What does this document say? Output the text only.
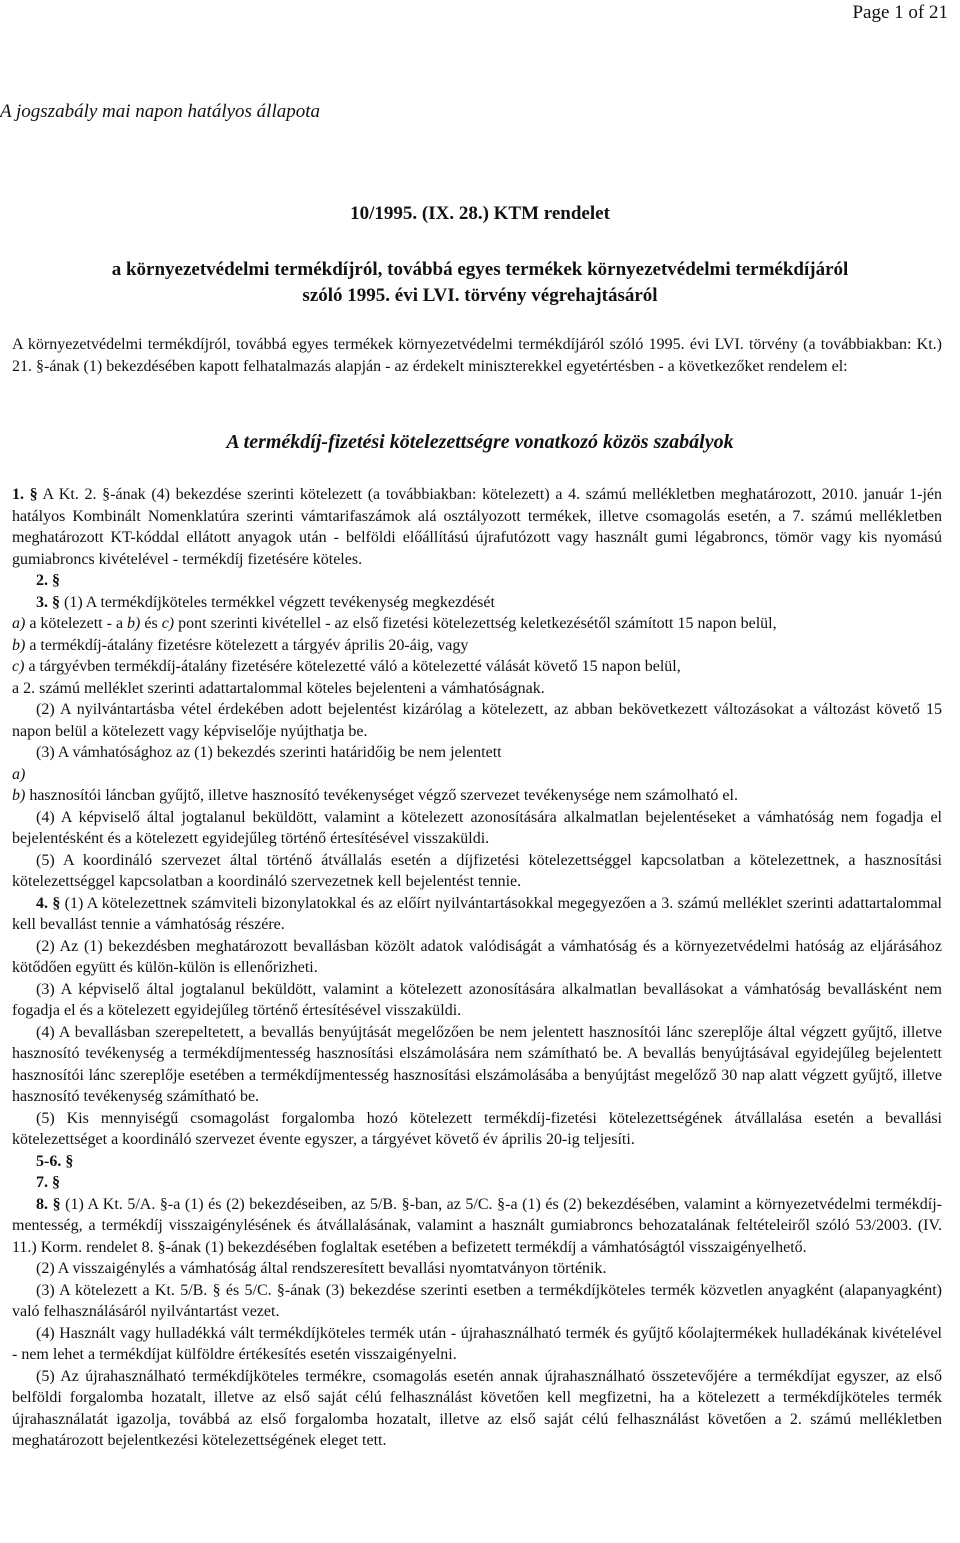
Page 1 of 21
A jogszabály mai napon hatályos állapota
10/1995. (IX. 28.) KTM rendelet
a környezetvédelmi termékdíjról, továbbá egyes termékek környezetvédelmi termékdíjáról
szóló 1995. évi LVI. törvény végrehajtásáról
A környezetvédelmi termékdíjról, továbbá egyes termékek környezetvédelmi termékdíjáról szóló 1995. évi LVI. törvény (a továbbiakban: Kt.) 21. §-ának (1) bekezdésében kapott felhatalmazás alapján - az érdekelt miniszterekkel egyetértésben - a következőket rendelem el:
A termékdíj-fizetési kötelezettségre vonatkozó közös szabályok

1. § A Kt. 2. §-ának (4) bekezdése szerinti kötelezett (a továbbiakban: kötelezett) a 4. számú mellékletben meghatározott, 2010. január 1-jén hatályos Kombinált Nomenklatúra szerinti vámtarifaszámok alá osztályozott termékek, illetve csomagolás esetén, a 7. számú mellékletben meghatározott KT-kóddal ellátott anyagok után - belföldi előállítású újrafutózott vagy használt gumi légabroncs, tömör vagy kis nyomású gumiabroncs kivételével - termékdíj fizetésére köteles.

2. §

3. § (1) A termékdíjköteles termékkel végzett tevékenység megkezdését

a) a kötelezett - a b) és c) pont szerinti kivétellel - az első fizetési kötelezettség keletkezésétől számított 15 napon belül,

b) a termékdíj-átalány fizetésre kötelezett a tárgyév április 20-áig, vagy

c) a tárgyévben termékdíj-átalány fizetésére kötelezetté váló a kötelezetté válását követő 15 napon belül,

a 2. számú melléklet szerinti adattartalommal köteles bejelenteni a vámhatóságnak.

(2) A nyilvántartásba vétel érdekében adott bejelentést kizárólag a kötelezett, az abban bekövetkezett változásokat a változást követő 15 napon belül a kötelezett vagy képviselője nyújthatja be.

(3) A vámhatósághoz az (1) bekezdés szerinti határidőig be nem jelentett

a)

b) hasznosítói láncban gyűjtő, illetve hasznosító tevékenységet végző szervezet tevékenysége nem számolható el.

(4) A képviselő által jogtalanul beküldött, valamint a kötelezett azonosítására alkalmatlan bejelentéseket a vámhatóság nem fogadja el bejelentésként és a kötelezett egyidejűleg történő értesítésével visszaküldi.

(5) A koordináló szervezet által történő átvállalás esetén a díjfizetési kötelezettséggel kapcsolatban a kötelezettnek, a hasznosítási kötelezettséggel kapcsolatban a koordináló szervezetnek kell bejelentést tennie.

4. § (1) A kötelezettnek számviteli bizonylatokkal és az előírt nyilvántartásokkal megegyezően a 3. számú melléklet szerinti adattartalommal kell bevallást tennie a vámhatóság részére.

(2) Az (1) bekezdésben meghatározott bevallásban közölt adatok valódiságát a vámhatóság és a környezetvédelmi hatóság az eljárásához kötődően együtt és külön-külön is ellenőrizheti.

(3) A képviselő által jogtalanul beküldött, valamint a kötelezett azonosítására alkalmatlan bevallásokat a vámhatóság bevallásként nem fogadja el és a kötelezett egyidejűleg történő értesítésével visszaküldi.

(4) A bevallásban szerepeltetett, a bevallás benyújtását megelőzően be nem jelentett hasznosítói lánc szereplője által végzett gyűjtő, illetve hasznosító tevékenység a termékdíjmentesség hasznosítási elszámolására nem számítható be. A bevallás benyújtásával egyidejűleg bejelentett hasznosítói lánc szereplője esetében a termékdíjmentesség hasznosítási elszámolásába a benyújtást megelőző 30 nap alatt végzett gyűjtő, illetve hasznosító tevékenység számítható be.

(5) Kis mennyiségű csomagolást forgalomba hozó kötelezett termékdíj-fizetési kötelezettségének átvállalása esetén a bevallási kötelezettséget a koordináló szervezet évente egyszer, a tárgyévet követő év április 20-ig teljesíti.

5-6. §

7. §

8. § (1) A Kt. 5/A. §-a (1) és (2) bekezdéseiben, az 5/B. §-ban, az 5/C. §-a (1) és (2) bekezdésében, valamint a környezetvédelmi termékdíj-mentesség, a termékdíj visszaigénylésének és átvállalásának, valamint a használt gumiabroncs behozatalának feltételeiről szóló 53/2003. (IV. 11.) Korm. rendelet 8. §-ának (1) bekezdésében foglaltak esetében a befizetett termékdíj a vámhatóságtól visszaigényelhető.

(2) A visszaigénylés a vámhatóság által rendszeresített bevallási nyomtatványon történik.

(3) A kötelezett a Kt. 5/B. § és 5/C. §-ának (3) bekezdése szerinti esetben a termékdíjköteles termék közvetlen anyagként (alapanyagként) való felhasználásáról nyilvántartást vezet.

(4) Használt vagy hulladékká vált termékdíjköteles termék után - újrahasználható termék és gyűjtő kőolajtermékek hulladékának kivételével - nem lehet a termékdíjat külföldre értékesítés esetén visszaigényelni.

(5) Az újrahasználható termékdíjköteles termékre, csomagolás esetén annak újrahasználható összetevőjére a termékdíjat egyszer, az első belföldi forgalomba hozatalt, illetve az első saját célú felhasználást követően kell megfizetni, ha a kötelezett a termékdíjköteles termék újrahasználatát igazolja, továbbá az első forgalomba hozatalt, illetve az első saját célú felhasználást követően a 2. számú mellékletben meghatározott bejelentkezési kötelezettségének eleget tett.
